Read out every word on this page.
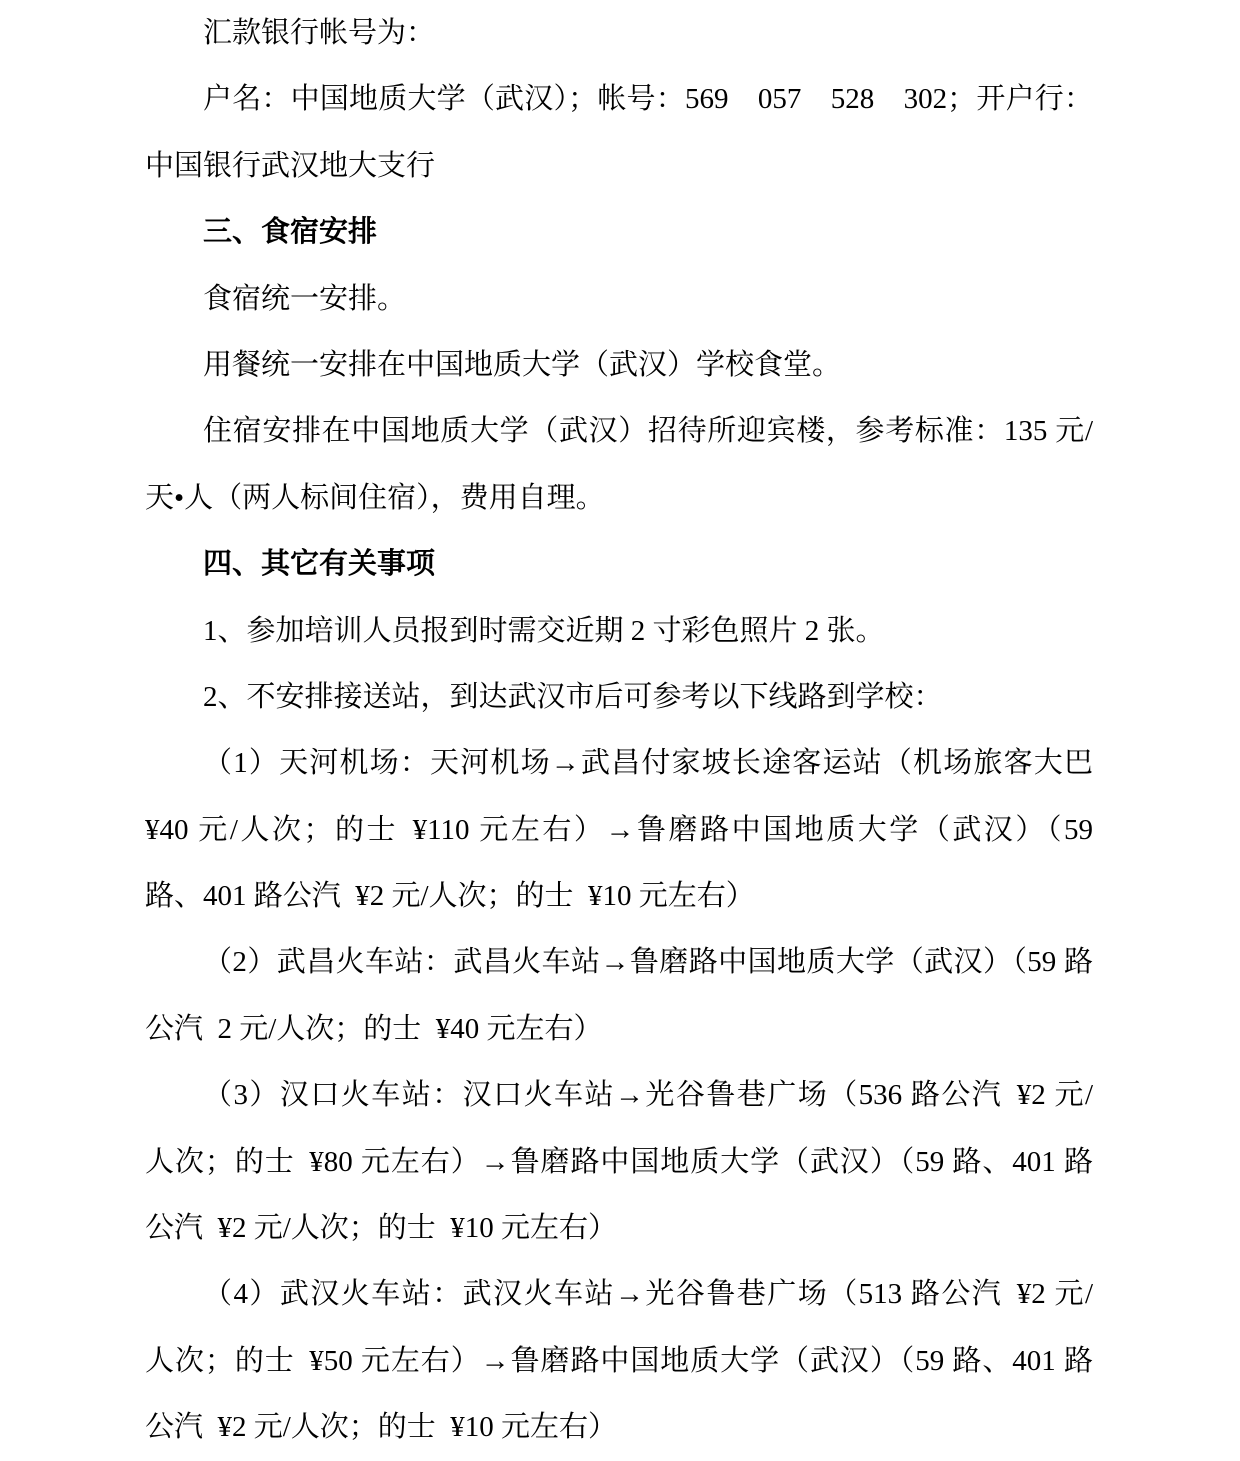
汇款银行帐号为：
户名：中国地质大学（武汉）；帐号：569　057　528　302；开户行：
中国银行武汉地大支行
三、食宿安排
食宿统一安排。
用餐统一安排在中国地质大学（武汉）学校食堂。
住宿安排在中国地质大学（武汉）招待所迎宾楼，参考标准：135 元/
天•人（两人标间住宿），费用自理。
四、其它有关事项
1、参加培训人员报到时需交近期 2 寸彩色照片 2 张。
2、不安排接送站，到达武汉市后可参考以下线路到学校：
（1）天河机场：天河机场→武昌付家坡长途客运站（机场旅客大巴
¥40 元/人次；的士 ¥110 元左右）→鲁磨路中国地质大学（武汉）（59
路、401 路公汽 ¥2 元/人次；的士 ¥10 元左右）
（2）武昌火车站：武昌火车站→鲁磨路中国地质大学（武汉）（59 路
公汽 2 元/人次；的士 ¥40 元左右）
（3）汉口火车站：汉口火车站→光谷鲁巷广场（536 路公汽 ¥2 元/
人次；的士 ¥80 元左右）→鲁磨路中国地质大学（武汉）（59 路、401 路
公汽 ¥2 元/人次；的士 ¥10 元左右）
（4）武汉火车站：武汉火车站→光谷鲁巷广场（513 路公汽 ¥2 元/
人次；的士 ¥50 元左右）→鲁磨路中国地质大学（武汉）（59 路、401 路
公汽 ¥2 元/人次；的士 ¥10 元左右）
